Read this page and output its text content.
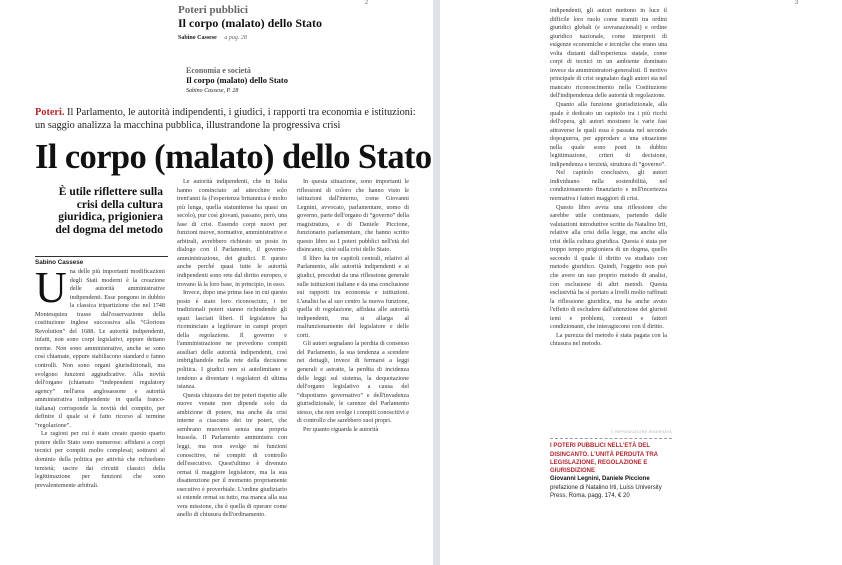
2
Poteri pubblici
Il corpo (malato) dello Stato
Sabino Cassese a pag. 28
Economia e società
Il corpo (malato) dello Stato
Sabino Cassese, P. 28
Poteri. Il Parlamento, le autorità indipendenti, i giudici, i rapporti tra economia e istituzioni: un saggio analizza la macchina pubblica, illustrandone la progressiva crisi
Il corpo (malato) dello Stato
È utile riflettere sulla crisi della cultura giuridica, prigioniera del dogma del metodo
Sabino Cassese

Una delle più importanti modificazioni degli Stati moderni è la creazione delle autorità amministrative indipendenti. Esse pongono in dubbio la classica tripartizione che nel 1748 Montesquieu trasse dall'osservazione della costituzione inglese successiva alla “Glorious Revolution” del 1688. Le autorità indipendenti, infatti, non sono corpi legislativi, eppure dettano norme. Non sono amministrative, anche se sono così chiamate, eppure stabiliscono standard e fanno controlli. Non sono organi giurisdizionali, ma svolgono funzioni aggiudicative. Alla novità dell'organo (chiamato “independent regulatory agency” nell'area anglosassone e autorità amministrativa indipendente in quella franco-italiana) corrisponde la novità del compito, per definire il quale si è fatto ricorso al termine “regolazione”.

Le ragioni per cui è stato creato questo quarto potere dello Stato sono numerose: affidarsi a corpi tecnici per compiti molto complessi; sottrarsi al dominio della politica per attività che richiedono terzietà; uscire dai circuiti classici della legittimazione per funzioni che sono prevalentemente arbitrali.

Le autorità indipendenti, che in Italia hanno cominciato ad attecchire solo trent'anni fa (l'esperienza britannica è molto più lunga, quella statunitense ha quasi un secolo), pur così giovani, passano, però, una fase di crisi. Essendo corpi nuovi per funzioni nuove, normative, amministrative e arbitrali, avrebbero richiesto un posto in dialogo con il Parlamento, il governo-amministrazione, dei giudici. E questo anche perché quasi tutte le autorità indipendenti sono rete dal diritto europeo, e trovano là la loro base, in principio, in esso.

Invece, dopo una prima fase in cui questo posto è stato loro riconosciuto, i tre tradizionali poteri stanno richiudendo gli spazi lasciati liberi. Il legislatore ha ricominciato a legiferare in campi propri della regolazione. Il governo e l'amministrazione ne prevedono compiti ausiliari delle autorità indipendenti, così imbrigliandole nella rete della decisione politica. I giudici non si autolimitano e tendono a diventare i regolatori di ultima istanza.

Questa chiusura dei tre poteri rispetto alle nuove venute non dipende solo da ambizione di potere, ma anche da crisi interne a ciascuno dei tre poteri, che sembrano muoversi senza una propria bussola. Il Parlamento amministra con leggi, ma non svolge né funzioni conoscitive, né compiti di controllo dell'esecutivo. Quest'ultimo è divenuto ormai il maggiore legislatore, ma la sua disattenzione per il momento propriamente esecutivo è proverbiale. L'ordine giudiziario si estende ormai su tutto, ma manca alla sua vera missione, che è quella di operare come anello di chiusura dell'ordinamento.

In questa situazione, sono importanti le riflessioni di coloro che hanno visto le istituzioni dall'interno, come Giovanni Legnini, avvocato, parlamentare, uomo di governo, parte dell'organo di “governo” della magistratura, e di Daniele Piccione, funzionario parlamentare, che hanno scritto questo libro su I poteri pubblici nell'età del disincanto, cioè sulla crisi dello Stato.

Il libro ha tre capitoli centrali, relativi al Parlamento, alle autorità indipendenti e ai giudici, preceduti da una riflessione generale sulle istituzioni italiane e da una conclusione sui rapporti tra economia e istituzioni. L'analisi ha al suo centro la nuova funzione, quella di regolazione, affidata alle autorità indipendenti, ma si allarga al malfunzionamento del legislatore e delle corti.

Gli autori segnalano la perdita di consenso del Parlamento, la sua tendenza a scendere nei dettagli, invece di fermarsi a leggi generali e astratte, la perdita di incidenza delle leggi sul sistema, la dequotazione dell'organo legislativo a causa del “dispotismo governativo” e dell'invadenza giurisdizionale, le carenze del Parlamento stesso, che non svolge i compiti conoscitivi e di controllo che sarebbero suoi propri.

Per quanto riguarda le autorità

3

indipendenti, gli autori mettono in luce il difficile loro ruolo come tramiti tra ordini giuridici globali (e sovranazionali) e ordine giuridico nazionale, come interpreti di esigenze economiche e tecniche che erano una volta distanti dall'esperienza statale, come corpi di tecnici in un ambiente dominato invece da amministratori-generalisti. Il motivo principale di crisi segnalato dagli autori sta nel mancato riconoscimento nella Costituzione dell'indipendenza delle autorità di regolazione.

Quanto alla funzione giurisdizionale, alla quale è dedicato un capitolo tra i più ricchi dell'opera, gli autori mostrano le varie fasi attraverso le quali essa è passata nel secondo dopoguerra, per approdare a una situazione nella quale sono posti in dubbio legittimazione, criteri di decisione, indipendenza e terzietà, struttura di “governo”.

Nel capitolo conclusivo, gli autori individuano nella sostenibilità, nel condizionamento finanziario e nell'incertezza normativa i fattori maggiori di crisi.

Questo libro avvia una riflessione che sarebbe utile continuare, partendo dalle valutazioni introduttive scritte da Natalino Irti, relative alla crisi della legge, ma anche alla crisi della cultura giuridica. Questa è stata per troppo tempo prigioniera di un dogma, quello secondo il quale il diritto va studiato con metodo giuridico. Quindi, l'oggetto non può che avere un suo proprio metodo di analisi, con esclusione di altri metodi. Questa esclusività ha sì portato a livelli molto raffinati la riflessione giuridica, ma ha anche avuto l'effetto di escludere dall'attenzione dei giuristi temi e problemi, contesti e fattori condizionanti, che interagiscono con il diritto.

La purezza del metodo è stata pagata con la chiusura nel metodo.

© RIPRODUZIONE RISERVATA
I POTERI PUBBLICI NELL'ETÀ DEL DISINCANTO. L'UNITÀ PERDUTA TRA LEGISLAZIONE, REGOLAZIONE E GIURISDIZIONE
Giovanni Legnini, Daniele Piccione
prefazione di Natalino Irti, Luiss University Press, Roma, pagg. 174, € 20
